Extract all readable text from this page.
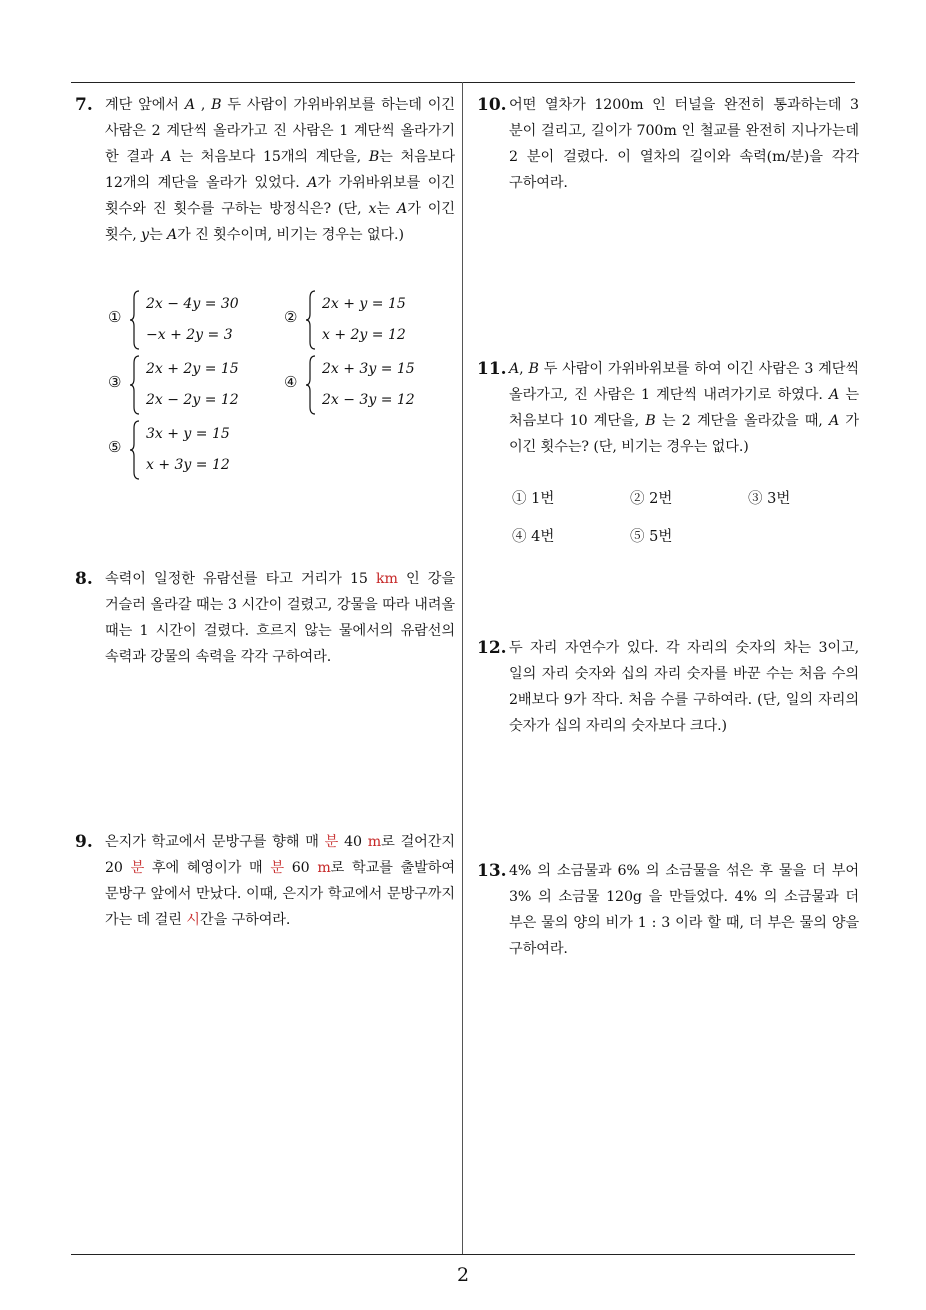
7. 계단 앞에서 A , B 두 사람이 가위바위보를 하는데 이긴 사람은 2 계단씩 올라가고 진 사람은 1 계단씩 올라가기 한 결과 A 는 처음보다 15개의 계단을, B는 처음보다 12개의 계단을 올라가 있었다. A가 가위바위보를 이긴 횟수와 진 횟수를 구하는 방정식은? (단, x는 A가 이긴 횟수, y는 A가 진 횟수이며, 비기는 경우는 없다.)
①
2x − 4y = 30
−x + 2y = 3
②
2x + y = 15
x + 2y = 12
③
2x + 2y = 15
2x − 2y = 12
④
2x + 3y = 15
2x − 3y = 12
⑤
3x + y = 15
x + 3y = 12
8. 속력이 일정한 유람선를 타고 거리가 15 km 인 강을 거슬러 올라갈 때는 3 시간이 걸렸고, 강물을 따라 내려올 때는 1 시간이 걸렸다. 흐르지 않는 물에서의 유람선의 속력과 강물의 속력을 각각 구하여라.
9. 은지가 학교에서 문방구를 향해 매 분 40 m로 걸어간지 20 분 후에 혜영이가 매 분 60 m로 학교를 출발하여 문방구 앞에서 만났다. 이때, 은지가 학교에서 문방구까지 가는 데 걸린 시간을 구하여라.
10. 어떤 열차가 1200m 인 터널을 완전히 통과하는데 3 분이 걸리고, 길이가 700m 인 철교를 완전히 지나가는데 2 분이 걸렸다. 이 열차의 길이와 속력(m/분)을 각각 구하여라.
11. A, B 두 사람이 가위바위보를 하여 이긴 사람은 3 계단씩 올라가고, 진 사람은 1 계단씩 내려가기로 하였다. A 는 처음보다 10 계단을, B 는 2 계단을 올라갔을 때, A 가 이긴 횟수는? (단, 비기는 경우는 없다.)
① 1번	② 2번	③ 3번
④ 4번	⑤ 5번
12. 두 자리 자연수가 있다. 각 자리의 숫자의 차는 3이고, 일의 자리 숫자와 십의 자리 숫자를 바꾼 수는 처음 수의 2배보다 9가 작다. 처음 수를 구하여라. (단, 일의 자리의 숫자가 십의 자리의 숫자보다 크다.)
13. 4% 의 소금물과 6% 의 소금물을 섞은 후 물을 더 부어 3% 의 소금물 120g 을 만들었다. 4% 의 소금물과 더 부은 물의 양의 비가 1 : 3 이라 할 때, 더 부은 물의 양을 구하여라.
2
